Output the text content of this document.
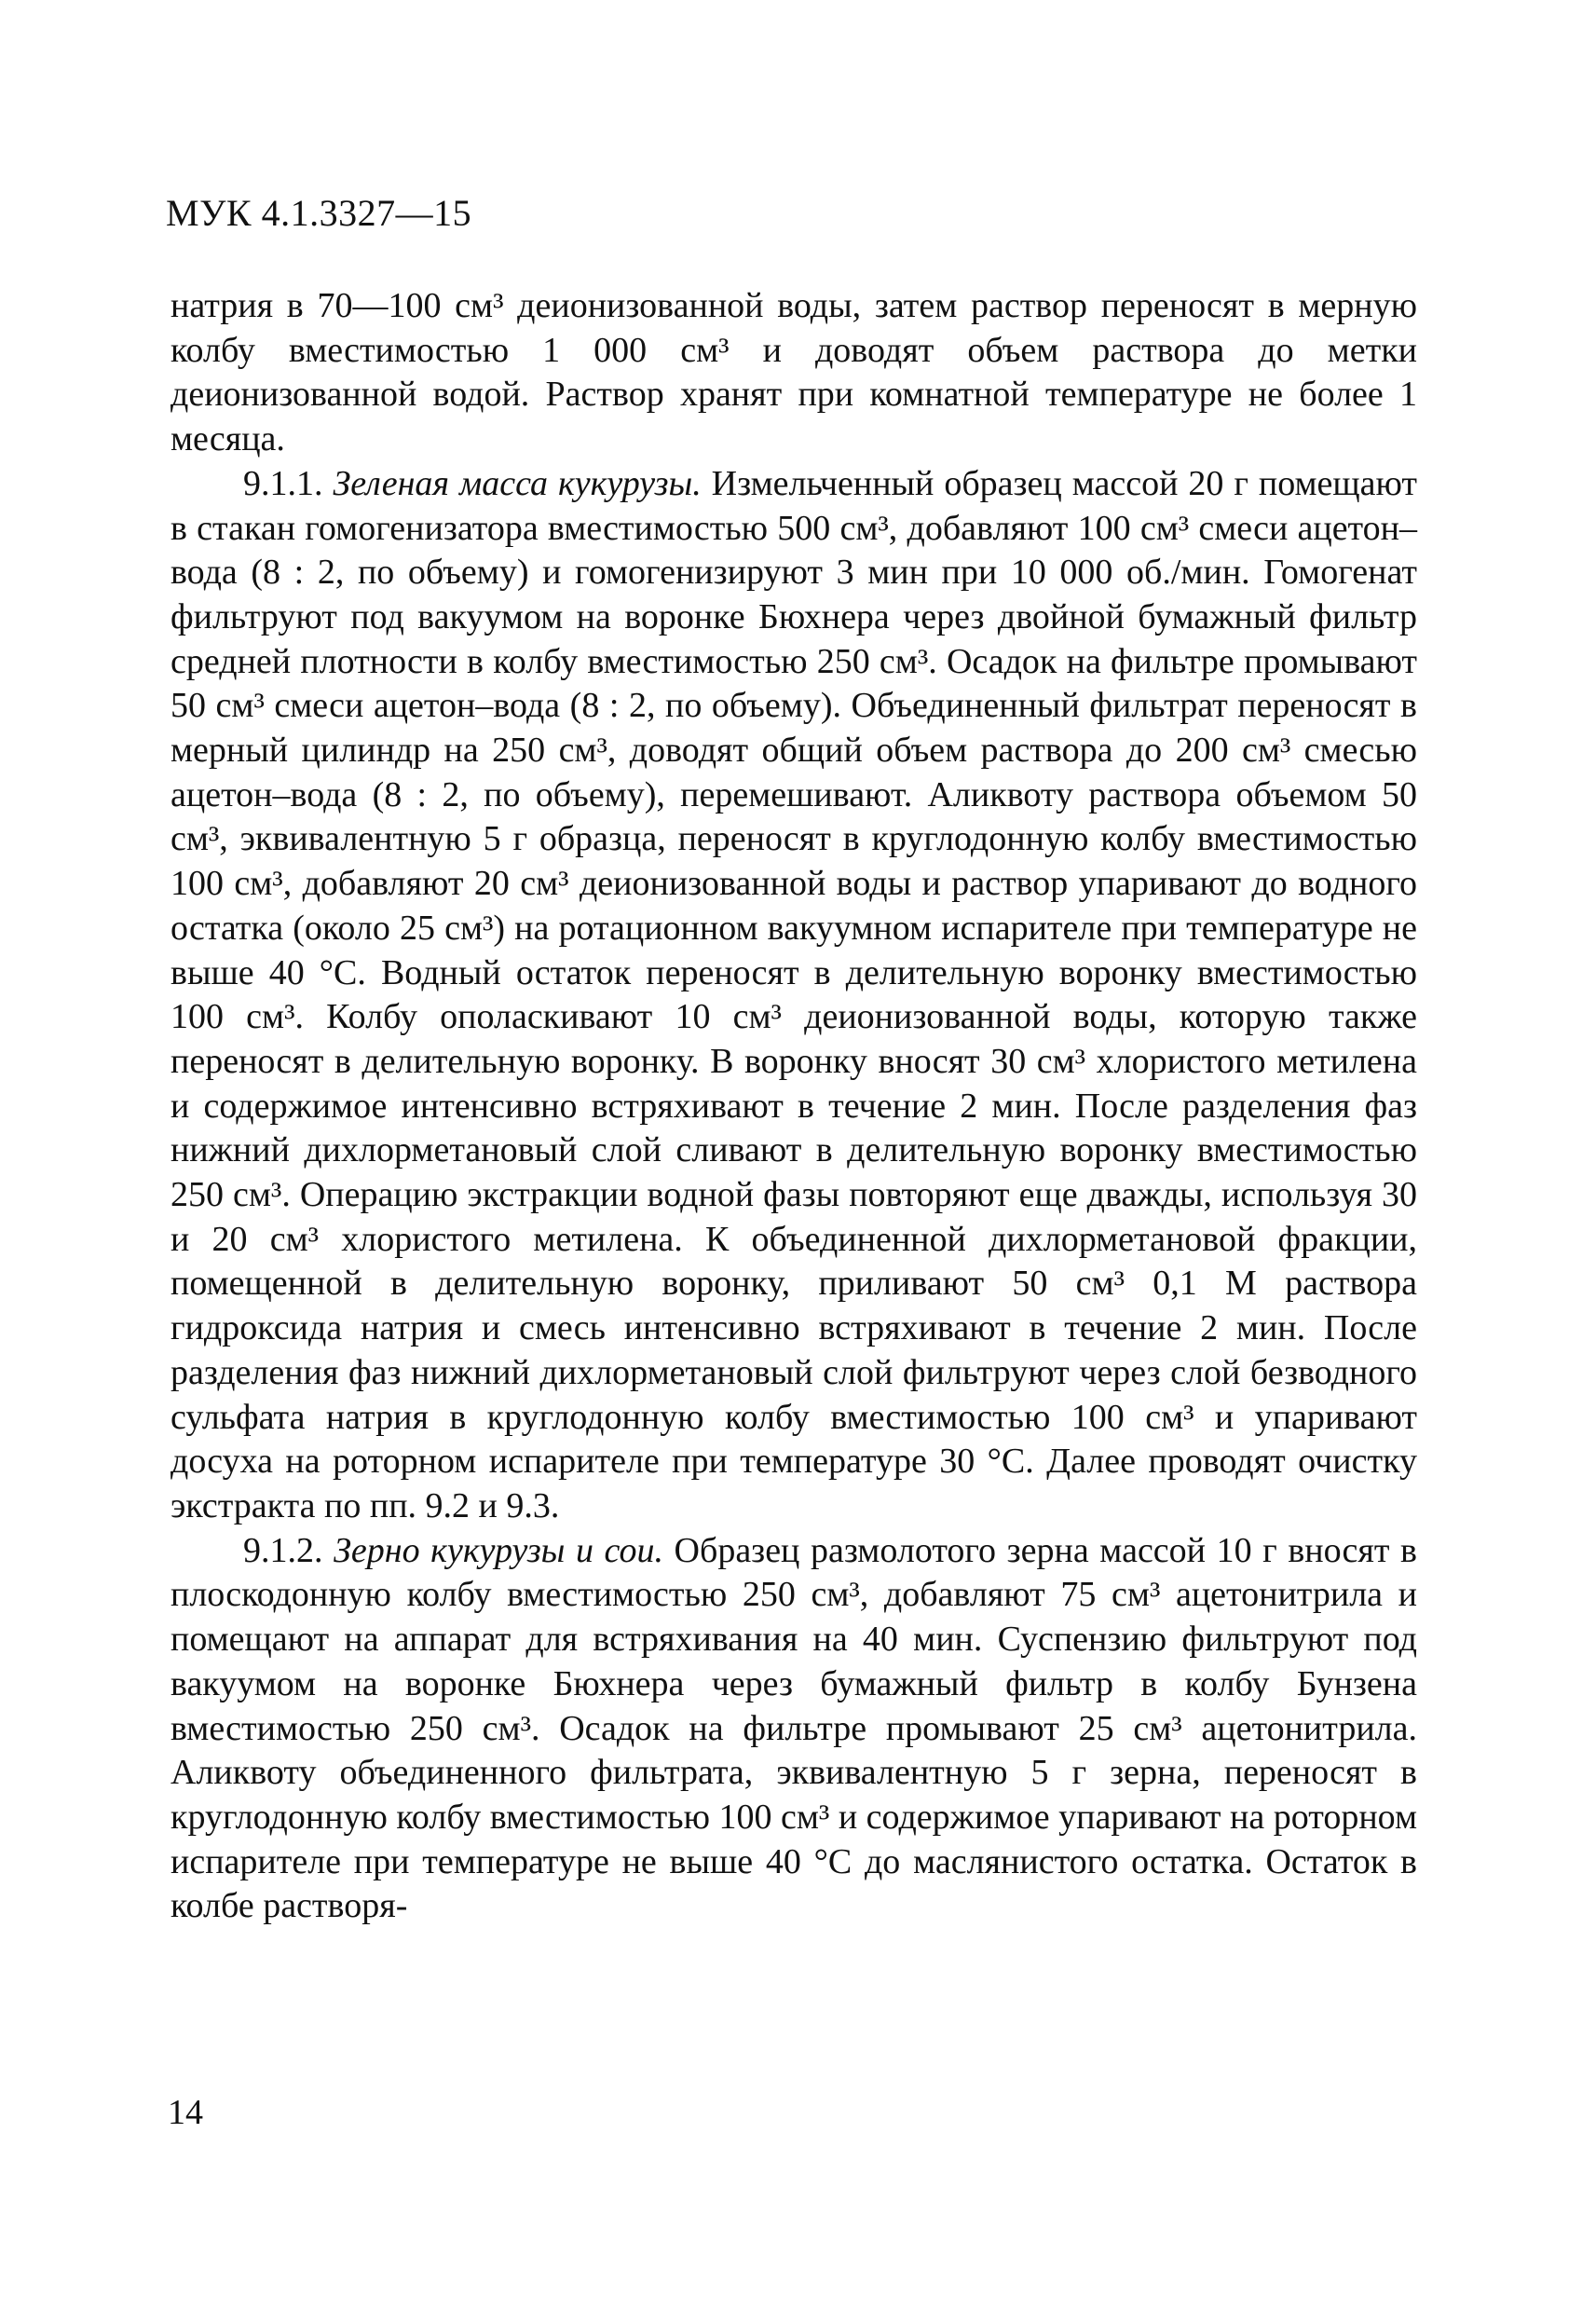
МУК 4.1.3327—15

натрия в 70—100 см³ деионизованной воды, затем раствор переносят в мерную колбу вместимостью 1 000 см³ и доводят объем раствора до метки деионизованной водой. Раствор хранят при комнатной температуре не более 1 месяца.

9.1.1. Зеленая масса кукурузы. Измельченный образец массой 20 г помещают в стакан гомогенизатора вместимостью 500 см³, добавляют 100 см³ смеси ацетон–вода (8 : 2, по объему) и гомогенизируют 3 мин при 10 000 об./мин. Гомогенат фильтруют под вакуумом на воронке Бюхнера через двойной бумажный фильтр средней плотности в колбу вместимостью 250 см³. Осадок на фильтре промывают 50 см³ смеси ацетон–вода (8 : 2, по объему). Объединенный фильтрат переносят в мерный цилиндр на 250 см³, доводят общий объем раствора до 200 см³ смесью ацетон–вода (8 : 2, по объему), перемешивают. Аликвоту раствора объемом 50 см³, эквивалентную 5 г образца, переносят в круглодонную колбу вместимостью 100 см³, добавляют 20 см³ деионизованной воды и раствор упаривают до водного остатка (около 25 см³) на ротационном вакуумном испарителе при температуре не выше 40 °С. Водный остаток переносят в делительную воронку вместимостью 100 см³. Колбу ополаскивают 10 см³ деионизованной воды, которую также переносят в делительную воронку. В воронку вносят 30 см³ хлористого метилена и содержимое интенсивно встряхивают в течение 2 мин. После разделения фаз нижний дихлорметановый слой сливают в делительную воронку вместимостью 250 см³. Операцию экстракции водной фазы повторяют еще дважды, используя 30 и 20 см³ хлористого метилена. К объединенной дихлорметановой фракции, помещенной в делительную воронку, приливают 50 см³ 0,1 М раствора гидроксида натрия и смесь интенсивно встряхивают в течение 2 мин. После разделения фаз нижний дихлорметановый слой фильтруют через слой безводного сульфата натрия в круглодонную колбу вместимостью 100 см³ и упаривают досуха на роторном испарителе при температуре 30 °С. Далее проводят очистку экстракта по пп. 9.2 и 9.3.

9.1.2. Зерно кукурузы и сои. Образец размолотого зерна массой 10 г вносят в плоскодонную колбу вместимостью 250 см³, добавляют 75 см³ ацетонитрила и помещают на аппарат для встряхивания на 40 мин. Суспензию фильтруют под вакуумом на воронке Бюхнера через бумажный фильтр в колбу Бунзена вместимостью 250 см³. Осадок на фильтре промывают 25 см³ ацетонитрила. Аликвоту объединенного фильтрата, эквивалентную 5 г зерна, переносят в круглодонную колбу вместимостью 100 см³ и содержимое упаривают на роторном испарителе при температуре не выше 40 °С до маслянистого остатка. Остаток в колбе растворя-

14
